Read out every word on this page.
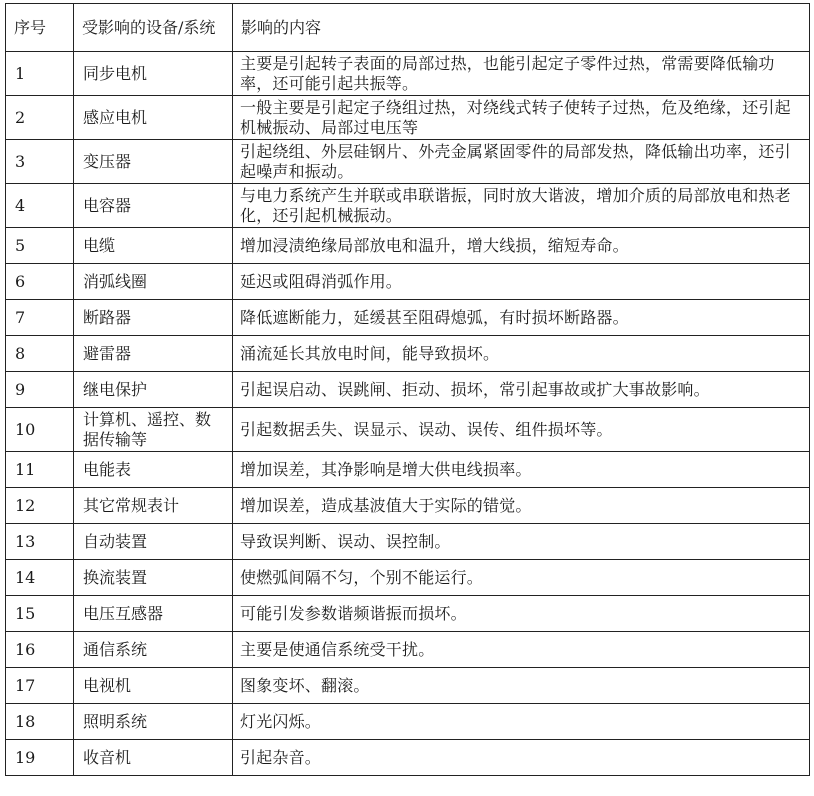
序号	受影响的设备/系统	影响的内容
1	同步电机	主要是引起转子表面的局部过热，也能引起定子零件过热，常需要降低输功率，还可能引起共振等。
2	感应电机	一般主要是引起定子绕组过热，对绕线式转子使转子过热，危及绝缘，还引起机械振动、局部过电压等
3	变压器	引起绕组、外层硅钢片、外壳金属紧固零件的局部发热，降低输出功率，还引起噪声和振动。
4	电容器	与电力系统产生并联或串联谐振，同时放大谐波，增加介质的局部放电和热老化，还引起机械振动。
5	电缆	增加浸渍绝缘局部放电和温升，增大线损，缩短寿命。
6	消弧线圈	延迟或阻碍消弧作用。
7	断路器	降低遮断能力，延缓甚至阻碍熄弧，有时损坏断路器。
8	避雷器	涌流延长其放电时间，能导致损坏。
9	继电保护	引起误启动、误跳闸、拒动、损坏，常引起事故或扩大事故影响。
10	计算机、遥控、数据传输等	引起数据丢失、误显示、误动、误传、组件损坏等。
11	电能表	增加误差，其净影响是增大供电线损率。
12	其它常规表计	增加误差，造成基波值大于实际的错觉。
13	自动装置	导致误判断、误动、误控制。
14	换流装置	使燃弧间隔不匀，个别不能运行。
15	电压互感器	可能引发参数谐频谐振而损坏。
16	通信系统	主要是使通信系统受干扰。
17	电视机	图象变坏、翻滚。
18	照明系统	灯光闪烁。
19	收音机	引起杂音。
